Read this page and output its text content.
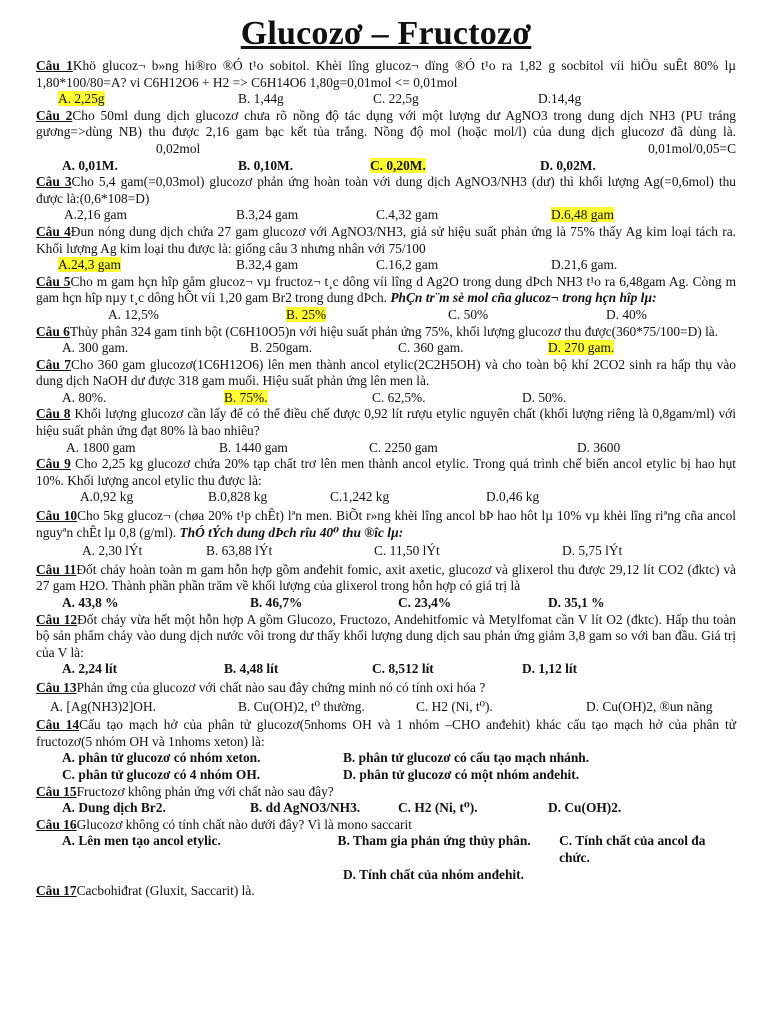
Glucozơ – Fructozơ

Câu 1Khö glucoz¬ b»ng hi®ro ®Ó t¹o sobitol. Khèi lîng glucoz¬ dïng ®Ó t¹o ra 1,82 g socbitol víi hiÖu suÊt 80% lµ 1,80*100/80=A? vi C6H12O6 + H2 => C6H14O6 1,80g=0,01mol <= 0,01mol

A. 2,25g	B. 1,44g	C. 22,5g	D.14,4g

Câu 2Cho 50ml dung dịch glucozơ chưa rõ nồng độ tác dụng với một lượng dư AgNO3 trong dung dịch NH3 (PU tráng gương=>dùng NB) thu được 2,16 gam bạc kết tủa trắng. Nồng độ mol (hoặc mol/l) của dung dịch glucozơ đã dùng là. 0,02mol	0,01mol/0,05=C

A. 0,01M.	B. 0,10M.	C. 0,20M.	D. 0,02M.

Câu 3Cho 5,4 gam(=0,03mol) glucozơ phản ứng hoàn toàn với dung dịch AgNO3/NH3 (dư) thì khối lượng Ag(=0,6mol) thu được là:(0,6*108=D)

A.2,16 gam	B.3,24 gam	C.4,32 gam	D.6,48 gam

Câu 4Đun nóng dung dịch chứa 27 gam glucozơ với AgNO3/NH3, giả sử hiệu suất phản ứng là 75% thấy Ag kim loại tách ra. Khối lượng Ag kim loại thu được là: giống câu 3 nhưng nhân với 75/100

A.24,3 gam	B.32,4 gam	C.16,2 gam	D.21,6 gam.

Câu 5Cho m gam hçn hîp gåm glucoz¬ vµ fructoz¬ t¸c dông víi lîng d Ag2O trong dung dÞch NH3 t¹o ra 6,48gam Ag. Còng m gam hçn hîp nµy t¸c dông hÕt víi 1,20 gam Br2 trong dung dÞch. PhÇn tr¨m sè mol cña glucoz¬ trong hçn hîp lµ:

A. 12,5%	B. 25%	C. 50%	D. 40%

Câu 6Thủy phân 324 gam tinh bột (C6H10O5)n với hiệu suất phản ứng 75%, khối lượng glucozơ thu được(360*75/100=D) là.

A. 300 gam.	B. 250gam.	C. 360 gam.	D. 270 gam.

Câu 7Cho 360 gam glucozơ(1C6H12O6) lên men thành ancol etylic(2C2H5OH) và cho toàn bộ khí 2CO2 sinh ra hấp thụ vào dung dịch NaOH dư được 318 gam muối. Hiệu suất phản ứng lên men là.

A. 80%.	B. 75%.	C. 62,5%.	D. 50%.

Câu 8 Khối lượng glucozơ cần lấy để có thể điều chế được 0,92 lít rượu etylic nguyên chất (khối lượng riêng là 0,8gam/ml) với hiệu suất phản ứng đạt 80% là bao nhiêu?

A. 1800 gam	B. 1440 gam	C. 2250 gam	D. 3600

Câu 9 Cho 2,25 kg glucozơ chứa 20% tạp chất trơ lên men thành ancol etylic. Trong quá trình chế biến ancol etylic bị hao hụt 10%. Khối lượng ancol etylic thu được là:

A.0,92 kg	B.0,828 kg	C.1,242 kg	D.0,46 kg

Câu 10Cho 5kg glucoz¬ (chøa 20% t¹p chÊt) lªn men. BiÕt r»ng khèi lîng ancol bÞ hao hôt lµ 10% vµ khèi lîng riªng cña ancol nguyªn chÊt lµ 0,8 (g/ml). ThÓ tÝch dung dÞch rîu 40⁰ thu ®îc lµ:

A. 2,30 lÝt	B. 63,88 lÝt	C. 11,50 lÝt	D. 5,75 lÝt

Câu 11Đốt cháy hoàn toàn m gam hỗn hợp gồm anđehit fomic, axit axetic, glucozơ và glixerol thu được 29,12 lít CO2 (đktc) và 27 gam H2O. Thành phần phần trăm về khối lượng của glixerol trong hỗn hợp có giá trị là

A. 43,8 %	B. 46,7%	C. 23,4%	D. 35,1 %

Câu 12Đốt cháy vừa hết một hỗn hợp A gồm Glucozo, Fructozo, Andehitfomic và Metylfomat cần V lít O2 (đktc). Hấp thu toàn bộ sản phẩm cháy vào dung dịch nước vôi trong dư thấy khối lượng dung dịch sau phản ứng giảm 3,8 gam so với ban đầu. Giá trị của V là:

A. 2,24 lít	B. 4,48 lít	C. 8,512 lít	D. 1,12 lít

Câu 13Phản ứng của glucozơ với chất nào sau đây chứng minh nó có tính oxi hóa ?

A. [Ag(NH3)2]OH.	B. Cu(OH)2, t⁰ thường.	C. H2 (Ni, t⁰).	D. Cu(OH)2, ®un nãng

Câu 14Cấu tạo mạch hở của phân tử glucozơ(5nhoms OH và 1 nhóm –CHO anđehit) khác cấu tạo mạch hở của phân tử fructozơ(5 nhóm OH và 1nhoms xeton) là:

A. phân tử glucozơ có nhóm xeton.	B. phân tử glucozơ có cấu tạo mạch nhánh.
C. phân tử glucozơ có 4 nhóm OH.	D. phân tử glucozơ có một nhóm anđehit.

Câu 15Fructozơ không phản ứng với chất nào sau đây?

A. Dung dịch Br2.	B. dd AgNO3/NH3.	C. H2 (Ni, t⁰).	D. Cu(OH)2.

Câu 16Glucozơ không có tính chất nào dưới đây? Vì là mono saccarit

A. Lên men tạo ancol etylic.	B. Tham gia phản ứng thủy phân.	C. Tính chất của ancol đa chức.
D. Tính chất của nhóm anđehit.

Câu 17Cacbohiđrat (Gluxit, Saccarit) là.
